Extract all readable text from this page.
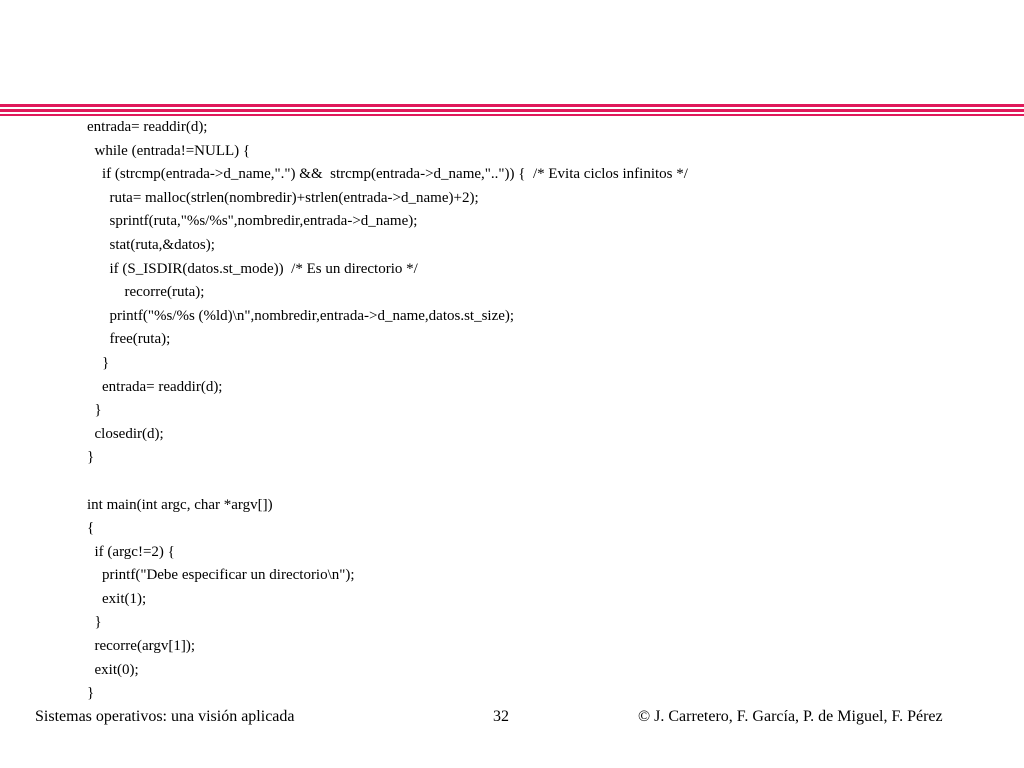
entrada= readdir(d);
while (entrada!=NULL) {
if (strcmp(entrada->d_name,".") &&  strcmp(entrada->d_name,"..")) {  /* Evita ciclos infinitos */
ruta= malloc(strlen(nombredir)+strlen(entrada->d_name)+2);
sprintf(ruta,"%s/%s",nombredir,entrada->d_name);
stat(ruta,&datos);
if (S_ISDIR(datos.st_mode))  /* Es un directorio */
recorre(ruta);
printf("%s/%s (%ld)\n",nombredir,entrada->d_name,datos.st_size);
free(ruta);
}
entrada= readdir(d);
}
closedir(d);
}
int main(int argc, char *argv[])
{
if (argc!=2) {
printf("Debe especificar un directorio\n");
exit(1);
}
recorre(argv[1]);
exit(0);
}
Sistemas operativos: una visión aplicada	32	© J. Carretero, F. García, P. de Miguel, F. Pérez
